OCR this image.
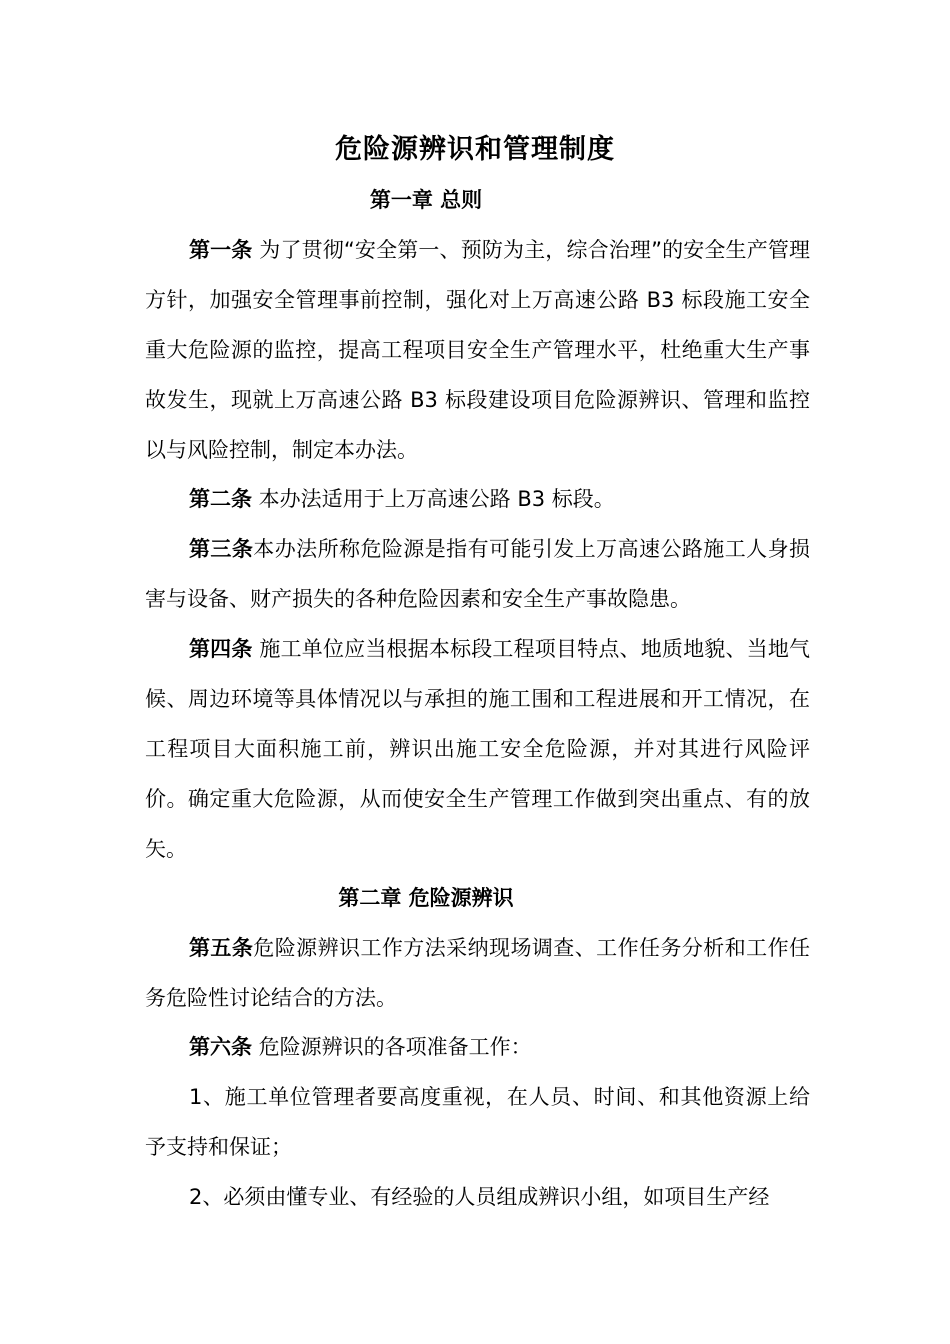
危险源辨识和管理制度
第一章 总则

第一条 为了贯彻“安全第一、预防为主，综合治理”的安全生产管理方针，加强安全管理事前控制，强化对上万高速公路 B3 标段施工安全重大危险源的监控，提高工程项目安全生产管理水平，杜绝重大生产事故发生，现就上万高速公路 B3 标段建设项目危险源辨识、管理和监控以与风险控制，制定本办法。

第二条 本办法适用于上万高速公路 B3 标段。

第三条本办法所称危险源是指有可能引发上万高速公路施工人身损害与设备、财产损失的各种危险因素和安全生产事故隐患。

第四条 施工单位应当根据本标段工程项目特点、地质地貌、当地气候、周边环境等具体情况以与承担的施工围和工程进展和开工情况，在工程项目大面积施工前，辨识出施工安全危险源，并对其进行风险评价。确定重大危险源，从而使安全生产管理工作做到突出重点、有的放矢。

第二章 危险源辨识

第五条危险源辨识工作方法采纳现场调查、工作任务分析和工作任务危险性讨论结合的方法。

第六条 危险源辨识的各项准备工作：

1、施工单位管理者要高度重视，在人员、时间、和其他资源上给予支持和保证；

2、必须由懂专业、有经验的人员组成辨识小组，如项目生产经
